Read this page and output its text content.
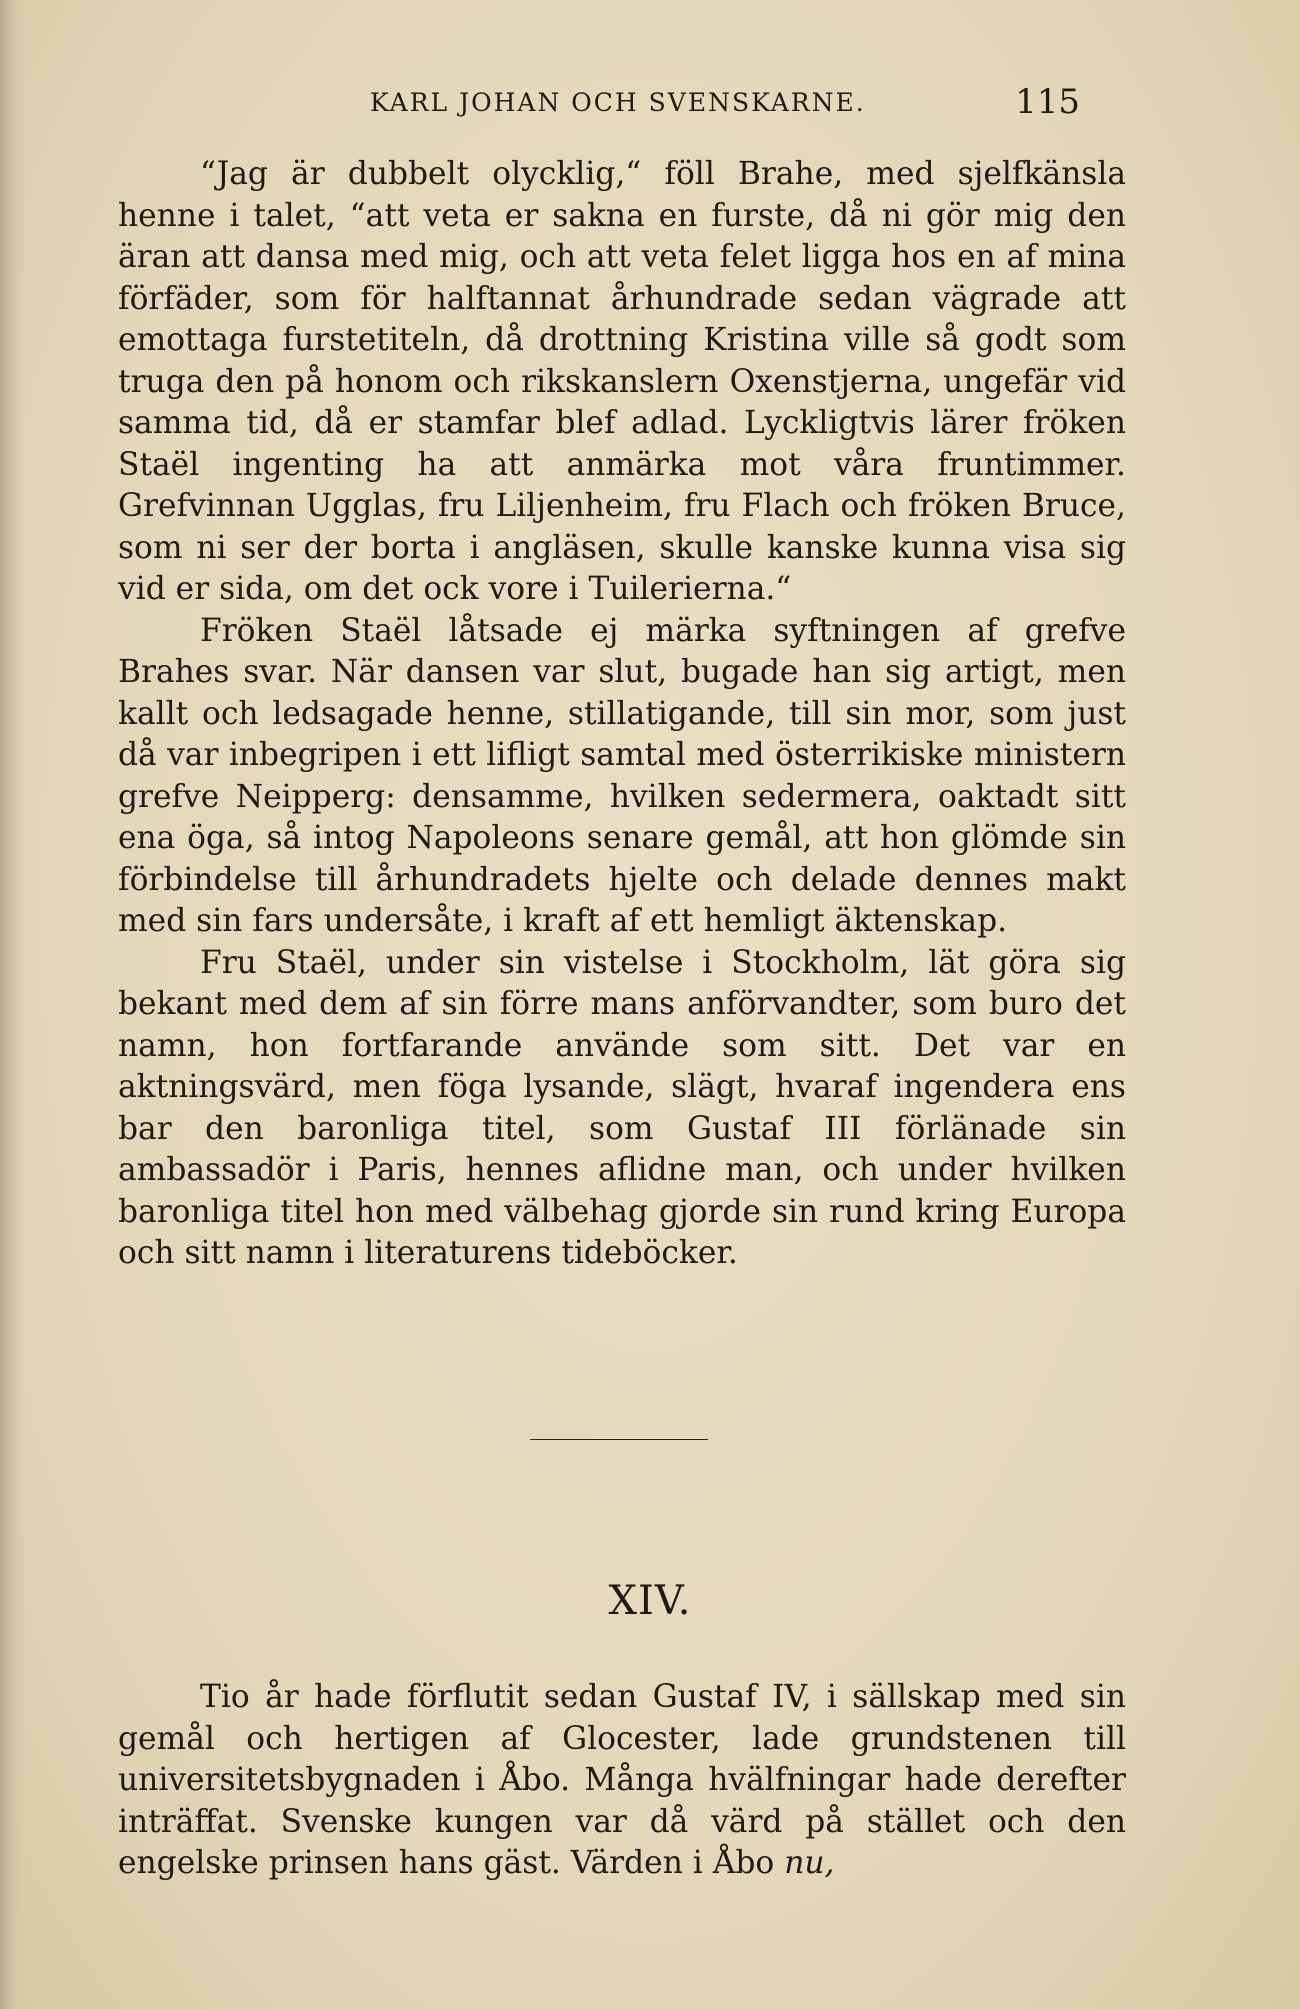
KARL JOHAN OCH SVENSKARNE.	115

“Jag är dubbelt olycklig,“ föll Brahe, med sjelfkänsla henne i talet, “att veta er sakna en furste, då ni gör mig den äran att dansa med mig, och att veta felet ligga hos en af mina förfäder, som för halftannat århundrade sedan vägrade att emottaga furstetiteln, då drottning Kristina ville så godt som truga den på honom och rikskanslern Oxenstjerna, ungefär vid samma tid, då er stamfar blef adlad. Lyckligtvis lärer fröken Staël ingenting ha att anmärka mot våra fruntimmer. Grefvinnan Ugglas, fru Liljenheim, fru Flach och fröken Bruce, som ni ser der borta i angläsen, skulle kanske kunna visa sig vid er sida, om det ock vore i Tuilerierna.“

Fröken Staël låtsade ej märka syftningen af grefve Brahes svar. När dansen var slut, bugade han sig artigt, men kallt och ledsagade henne, stillatigande, till sin mor, som just då var inbegripen i ett lifligt samtal med österrikiske ministern grefve Neipperg: densamme, hvilken sedermera, oaktadt sitt ena öga, så intog Napoleons senare gemål, att hon glömde sin förbindelse till århundradets hjelte och delade dennes makt med sin fars undersåte, i kraft af ett hemligt äktenskap.

Fru Staël, under sin vistelse i Stockholm, lät göra sig bekant med dem af sin förre mans anförvandter, som buro det namn, hon fortfarande använde som sitt. Det var en aktningsvärd, men föga lysande, slägt, hvaraf ingendera ens bar den baronliga titel, som Gustaf III förlänade sin ambassadör i Paris, hennes aflidne man, och under hvilken baronliga titel hon med välbehag gjorde sin rund kring Europa och sitt namn i literaturens tideböcker.

XIV.

Tio år hade förflutit sedan Gustaf IV, i sällskap med sin gemål och hertigen af Glocester, lade grundstenen till universitetsbygnaden i Åbo. Många hvälfningar hade derefter inträffat. Svenske kungen var då värd på stället och den engelske prinsen hans gäst. Värden i Åbo nu,
